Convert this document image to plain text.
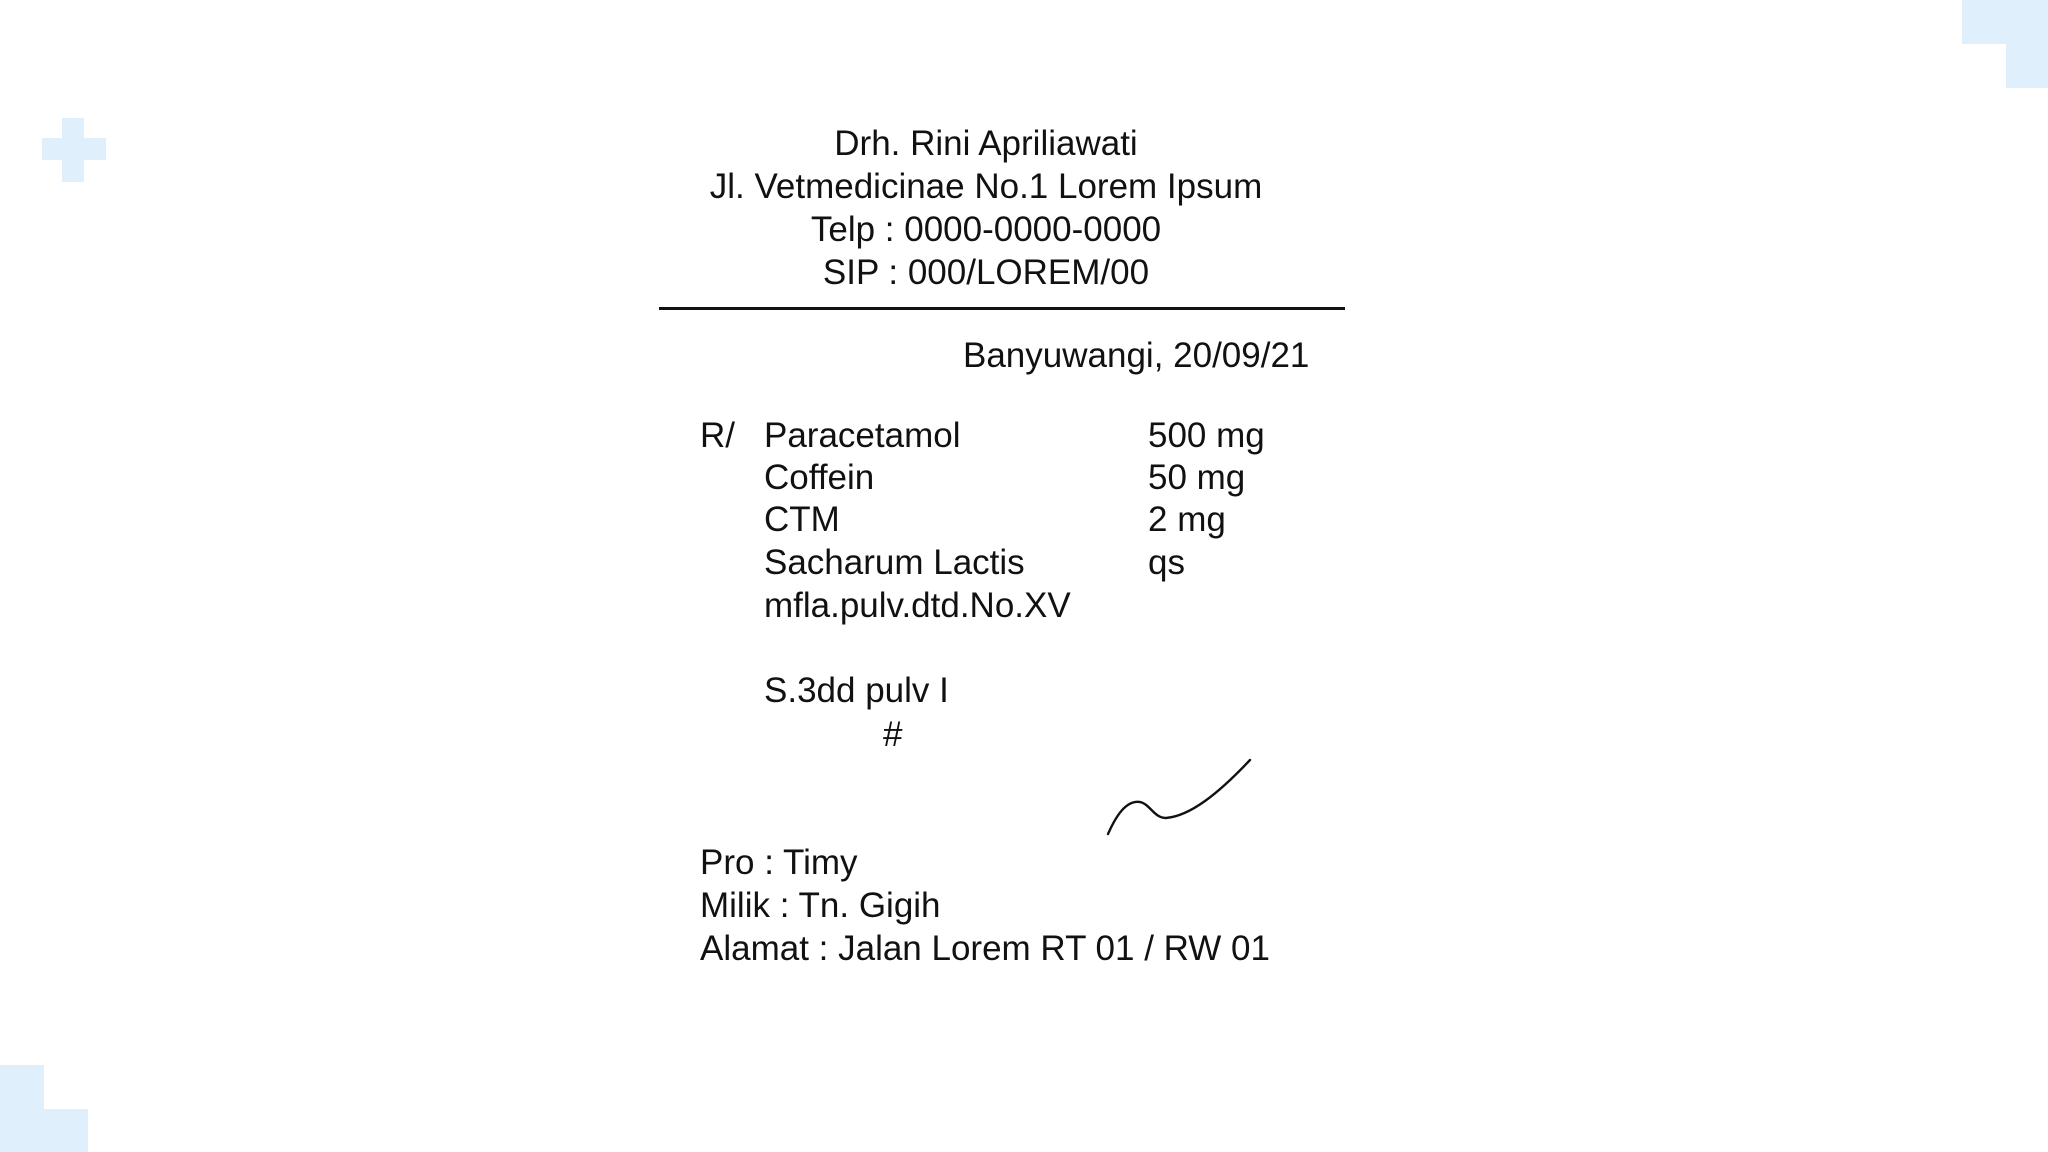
Drh. Rini Apriliawati
Jl. Vetmedicinae No.1 Lorem Ipsum
Telp : 0000-0000-0000
SIP : 000/LOREM/00
Banyuwangi, 20/09/21
R/ Paracetamol	500 mg
Coffein	50 mg
CTM	2 mg
Sacharum Lactis	qs
mfla.pulv.dtd.No.XV
S.3dd pulv I
#
Pro : Timy
Milik : Tn. Gigih
Alamat : Jalan Lorem RT 01 / RW 01
